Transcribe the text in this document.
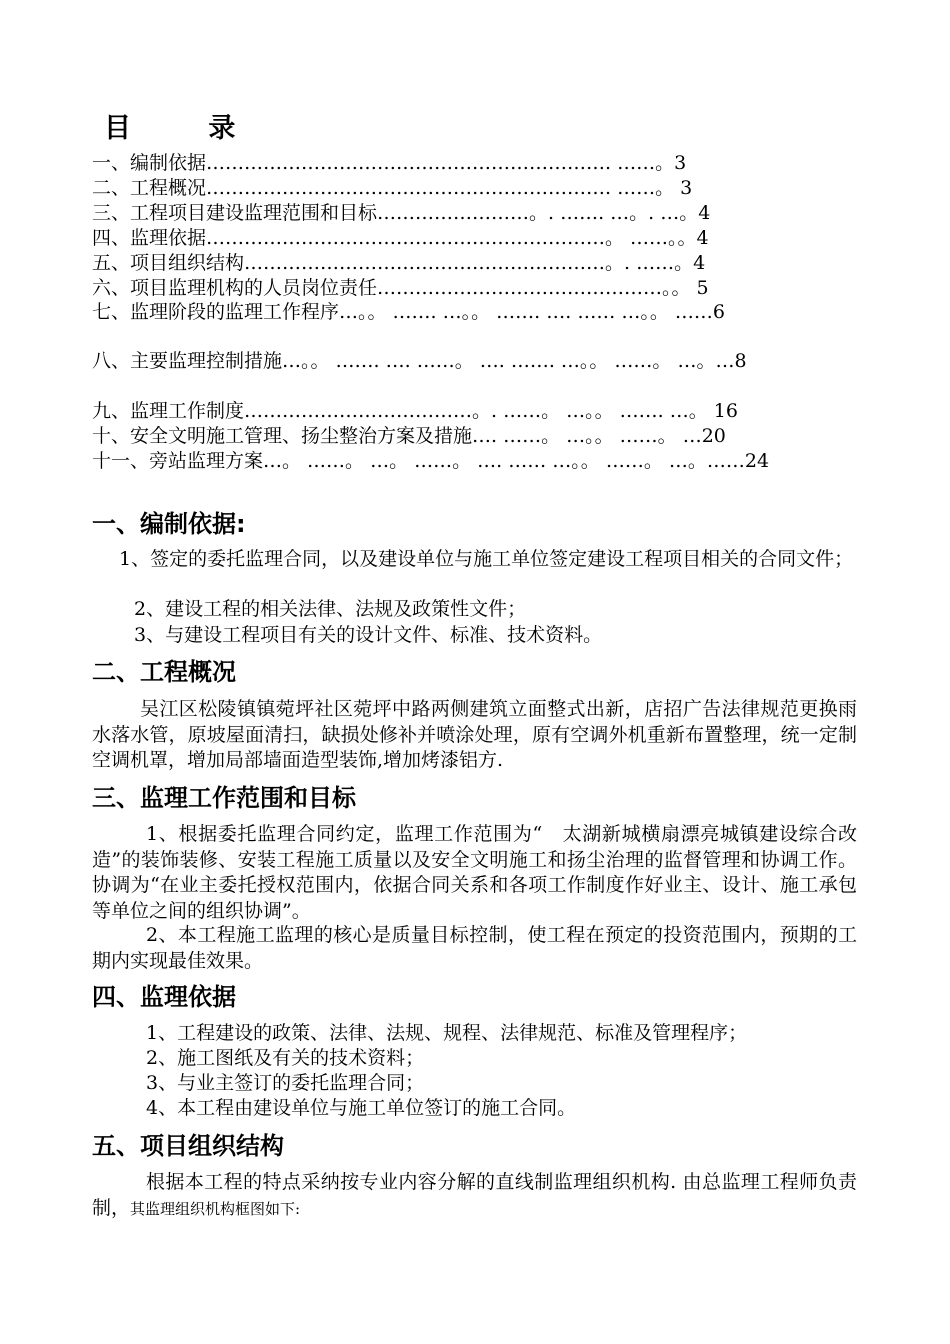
目 录

一、编制依据………………………………………………………. ……。3

二、工程概况………………………………………………………. ……。 3

三、工程项目建设监理范围和目标……………………。. ……. …。. …。4

四、监理依据………………………………………………………。 ……。。4

五、项目组织结构…………………………………………………。. ……。4

六、项目监理机构的人员岗位责任………………………………………。。 5

七、监理阶段的监理工作程序…。。 ……. …。。 ……. …. …… …。。 ……6

八、主要监理控制措施…。。 ……. …. ……。 …. ……. …。。 ……。 …。…8

九、监理工作制度………………………………。. ……。 …。。 ……. …。 16

十、安全文明施工管理、扬尘整治方案及措施…. ……。 …。。 ……。 …20

十一、旁站监理方案…。 ……。 …。 ……。 …. …… …。。 ……。 …。……24

一、编制依据:

1、签定的委托监理合同，以及建设单位与施工单位签定建设工程项目相关的合同文件；

2、建设工程的相关法律、法规及政策性文件；

3、与建设工程项目有关的设计文件、标准、技术资料。

二、工程概况

吴江区松陵镇镇菀坪社区菀坪中路两侧建筑立面整式出新，店招广告法律规范更换雨水落水管，原坡屋面清扫，缺损处修补并喷涂处理，原有空调外机重新布置整理，统一定制空调机罩，增加局部墙面造型装饰,增加烤漆铝方.

三、监理工作范围和目标

1、根据委托监理合同约定，监理工作范围为“　太湖新城横扇漂亮城镇建设综合改造”的装饰装修、安装工程施工质量以及安全文明施工和扬尘治理的监督管理和协调工作。协调为“在业主委托授权范围内，依据合同关系和各项工作制度作好业主、设计、施工承包等单位之间的组织协调”。

2、本工程施工监理的核心是质量目标控制，使工程在预定的投资范围内，预期的工期内实现最佳效果。

四、监理依据

1、工程建设的政策、法律、法规、规程、法律规范、标准及管理程序；

2、施工图纸及有关的技术资料；

3、与业主签订的委托监理合同；

4、本工程由建设单位与施工单位签订的施工合同。

五、项目组织结构

根据本工程的特点采纳按专业内容分解的直线制监理组织机构. 由总监理工程师负责制，其监理组织机构框图如下:
